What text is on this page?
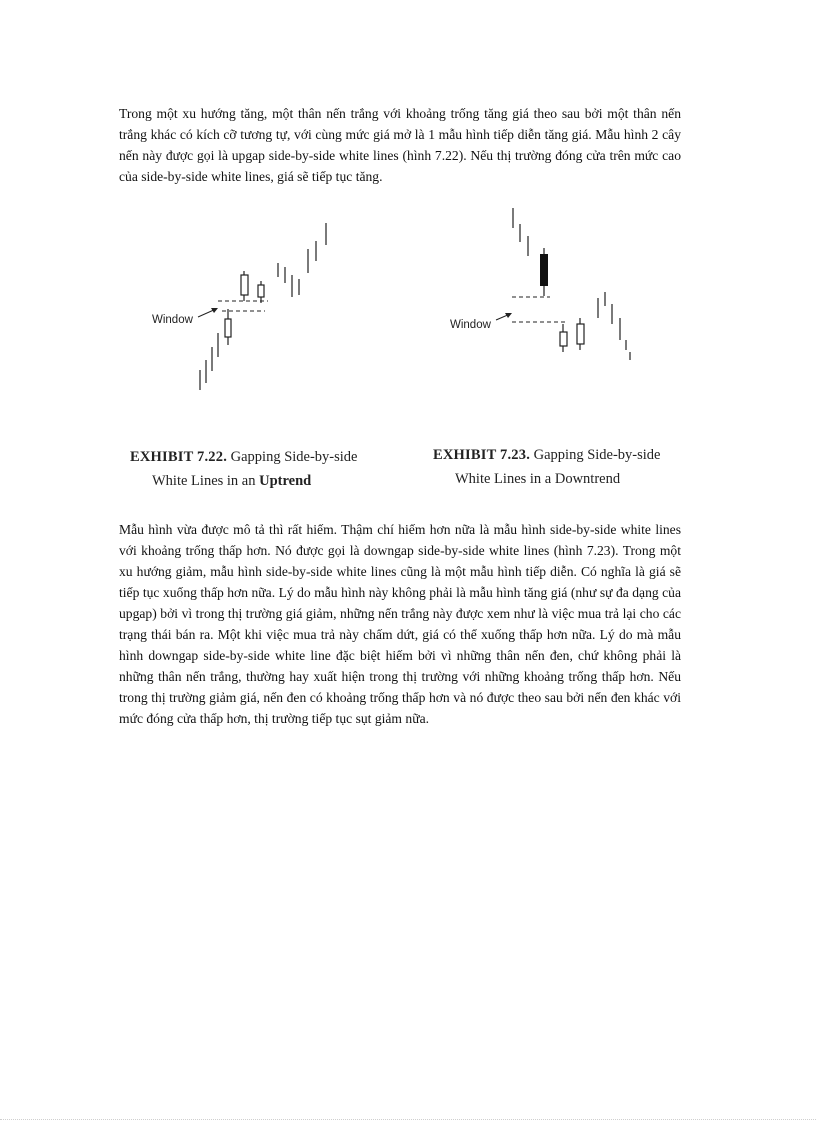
Trong một xu hướng tăng, một thân nến trắng với khoảng trống tăng giá theo sau bởi một thân nến trắng khác có kích cỡ tương tự, với cùng mức giá mở là 1 mẫu hình tiếp diễn tăng giá. Mẫu hình 2 cây nến này được gọi là upgap side-by-side white lines (hình 7.22). Nếu thị trường đóng cửa trên mức cao của side-by-side white lines, giá sẽ tiếp tục tăng.

Window	Window
EXHIBIT 7.22. Gapping Side-by-side
White Lines in an Uptrend
EXHIBIT 7.23. Gapping Side-by-side
White Lines in a Downtrend

Mẫu hình vừa được mô tả thì rất hiếm. Thậm chí hiếm hơn nữa là mẫu hình side-by-side white lines với khoảng trống thấp hơn. Nó được gọi là downgap side-by-side white lines (hình 7.23). Trong một xu hướng giảm, mẫu hình side-by-side white lines cũng là một mẫu hình tiếp diễn. Có nghĩa là giá sẽ tiếp tục xuống thấp hơn nữa. Lý do mẫu hình này không phải là mẫu hình tăng giá (như sự đa dạng của upgap) bởi vì trong thị trường giá giảm, những nến trắng này được xem như là việc mua trả lại cho các trạng thái bán ra. Một khi việc mua trả này chấm dứt, giá có thể xuống thấp hơn nữa. Lý do mà mẫu hình downgap side-by-side white line đặc biệt hiếm bởi vì những thân nến đen, chứ không phải là những thân nến trắng, thường hay xuất hiện trong thị trường với những khoảng trống thấp hơn. Nếu trong thị trường giảm giá, nến đen có khoảng trống thấp hơn và nó được theo sau bởi nến đen khác với mức đóng cửa thấp hơn, thị trường tiếp tục sụt giảm nữa.
